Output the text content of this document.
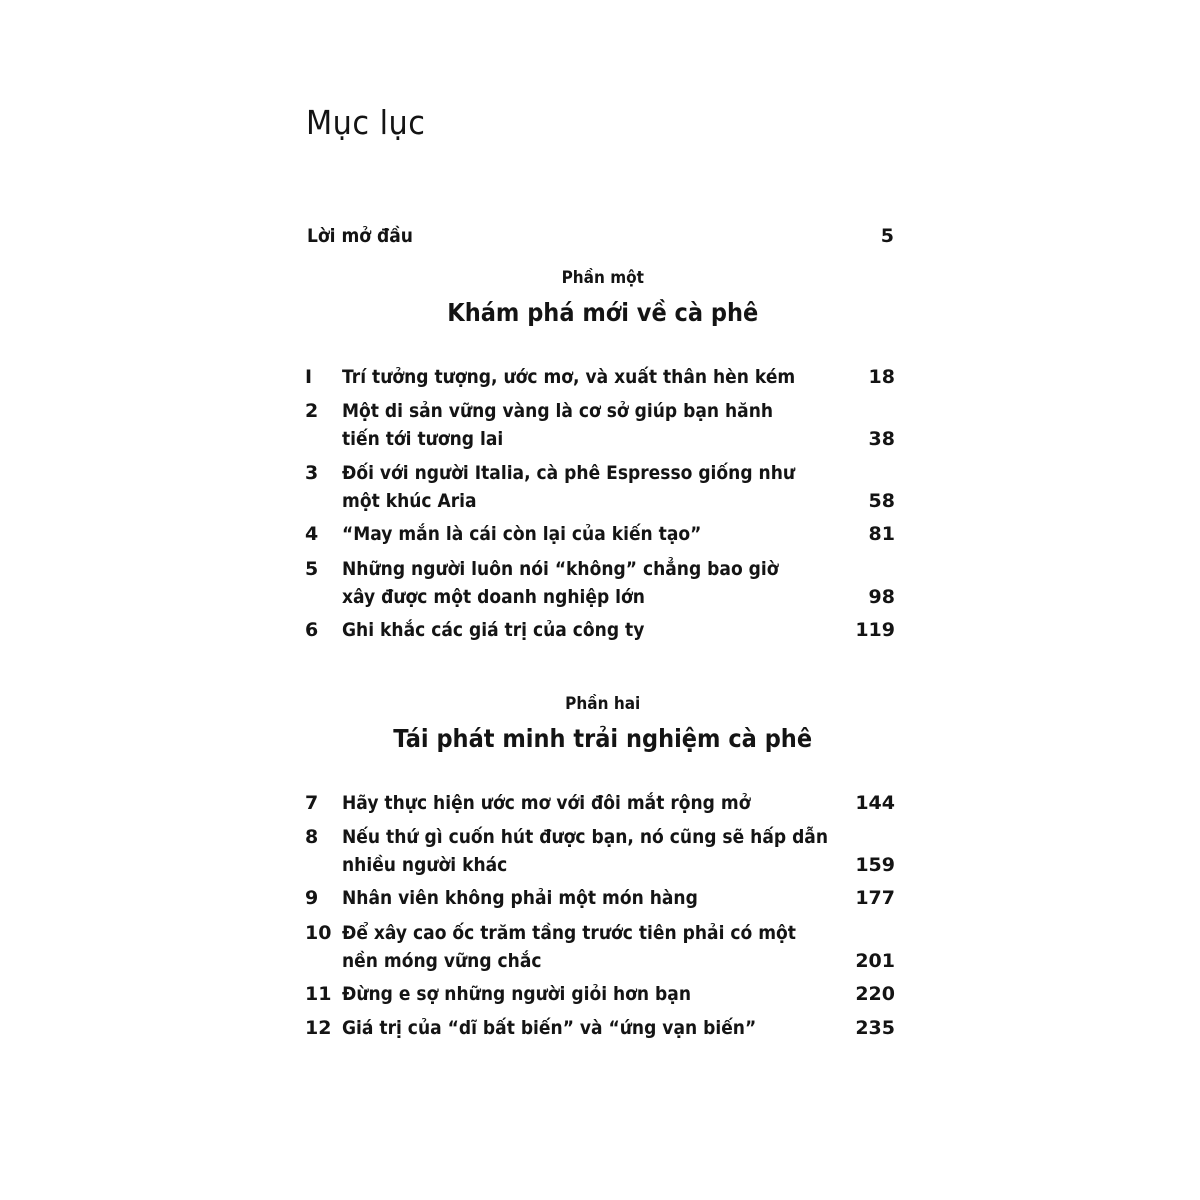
Mục lục
Lời mở đầu	5
Phần một
Khám phá mới về cà phê
I Trí tưởng tượng, ước mơ, và xuất thân hèn kém	18
2 Một di sản vững vàng là cơ sở giúp bạn hănh
tiến tới tương lai	38
3 Đối với người Italia, cà phê Espresso giống như
một khúc Aria	58
4 “May mắn là cái còn lại của kiến tạo”	81
5 Những người luôn nói “không” chẳng bao giờ
xây được một doanh nghiệp lớn	98
6 Ghi khắc các giá trị của công ty	119
Phần hai
Tái phát minh trải nghiệm cà phê
7 Hãy thực hiện ước mơ với đôi mắt rộng mở	144
8 Nếu thứ gì cuốn hút được bạn, nó cũng sẽ hấp dẫn
nhiều người khác	159
9 Nhân viên không phải một món hàng	177
10 Để xây cao ốc trăm tầng trước tiên phải có một
nền móng vững chắc	201
11 Đừng e sợ những người giỏi hơn bạn	220
12 Giá trị của “dĩ bất biến” và “ứng vạn biến”	235
